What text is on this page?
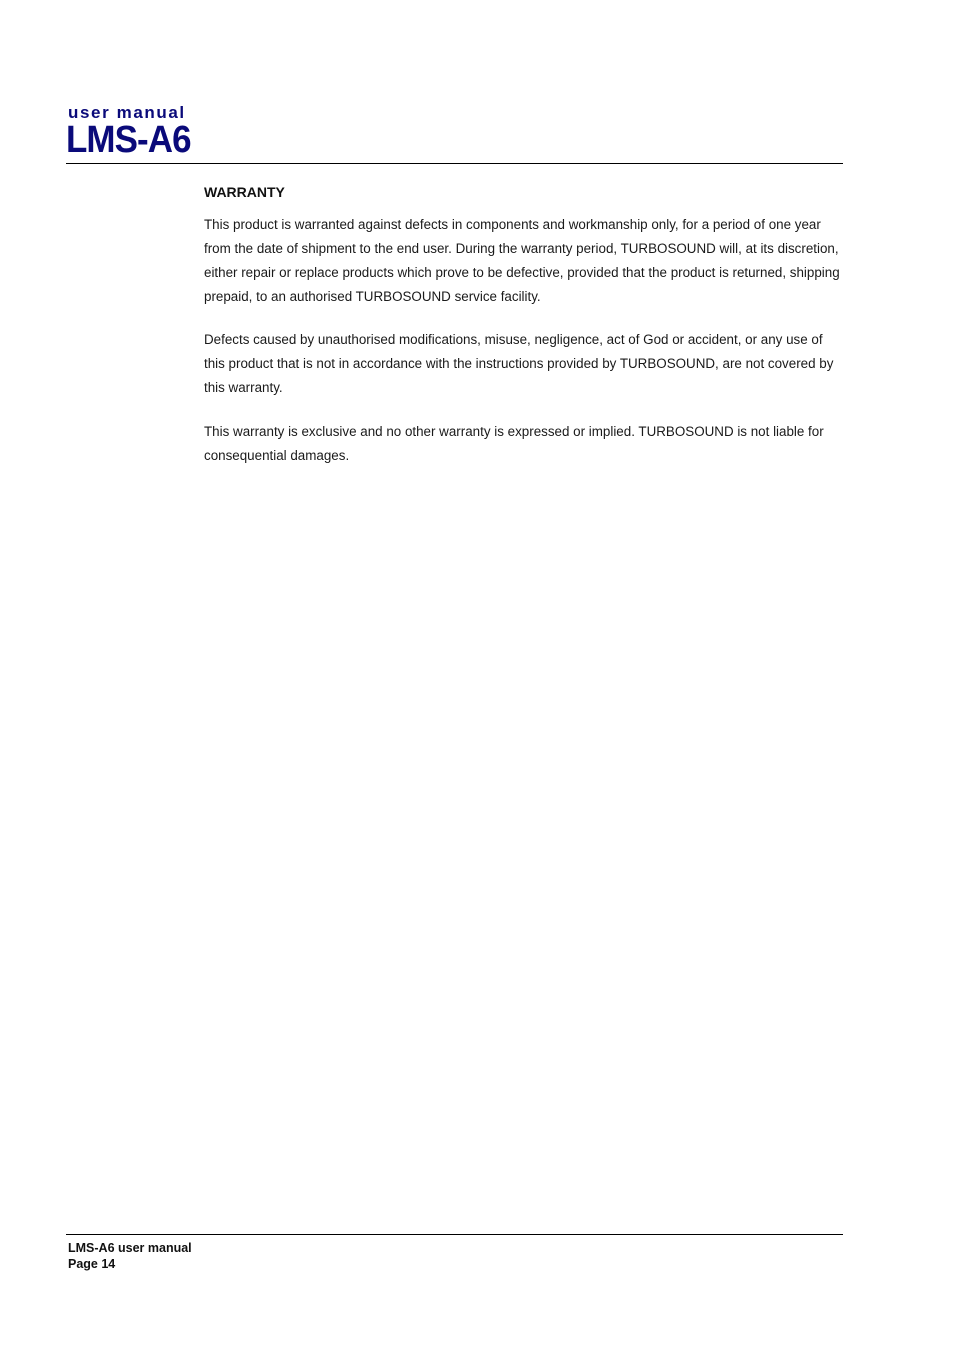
user manual
LMS-A6
WARRANTY

This product is warranted against defects in components and workmanship only, for a period of one year from the date of shipment to the end user. During the warranty period, TURBOSOUND will, at its discretion, either repair or replace products which prove to be defective, provided that the product is returned, shipping prepaid, to an authorised TURBOSOUND service facility.

Defects caused by unauthorised modifications, misuse, negligence, act of God or accident, or any use of this product that is not in accordance with the instructions provided by TURBOSOUND, are not covered by this warranty.

This warranty is exclusive and no other warranty is expressed or implied. TURBOSOUND is not liable for consequential damages.

LMS-A6 user manual
Page 14
